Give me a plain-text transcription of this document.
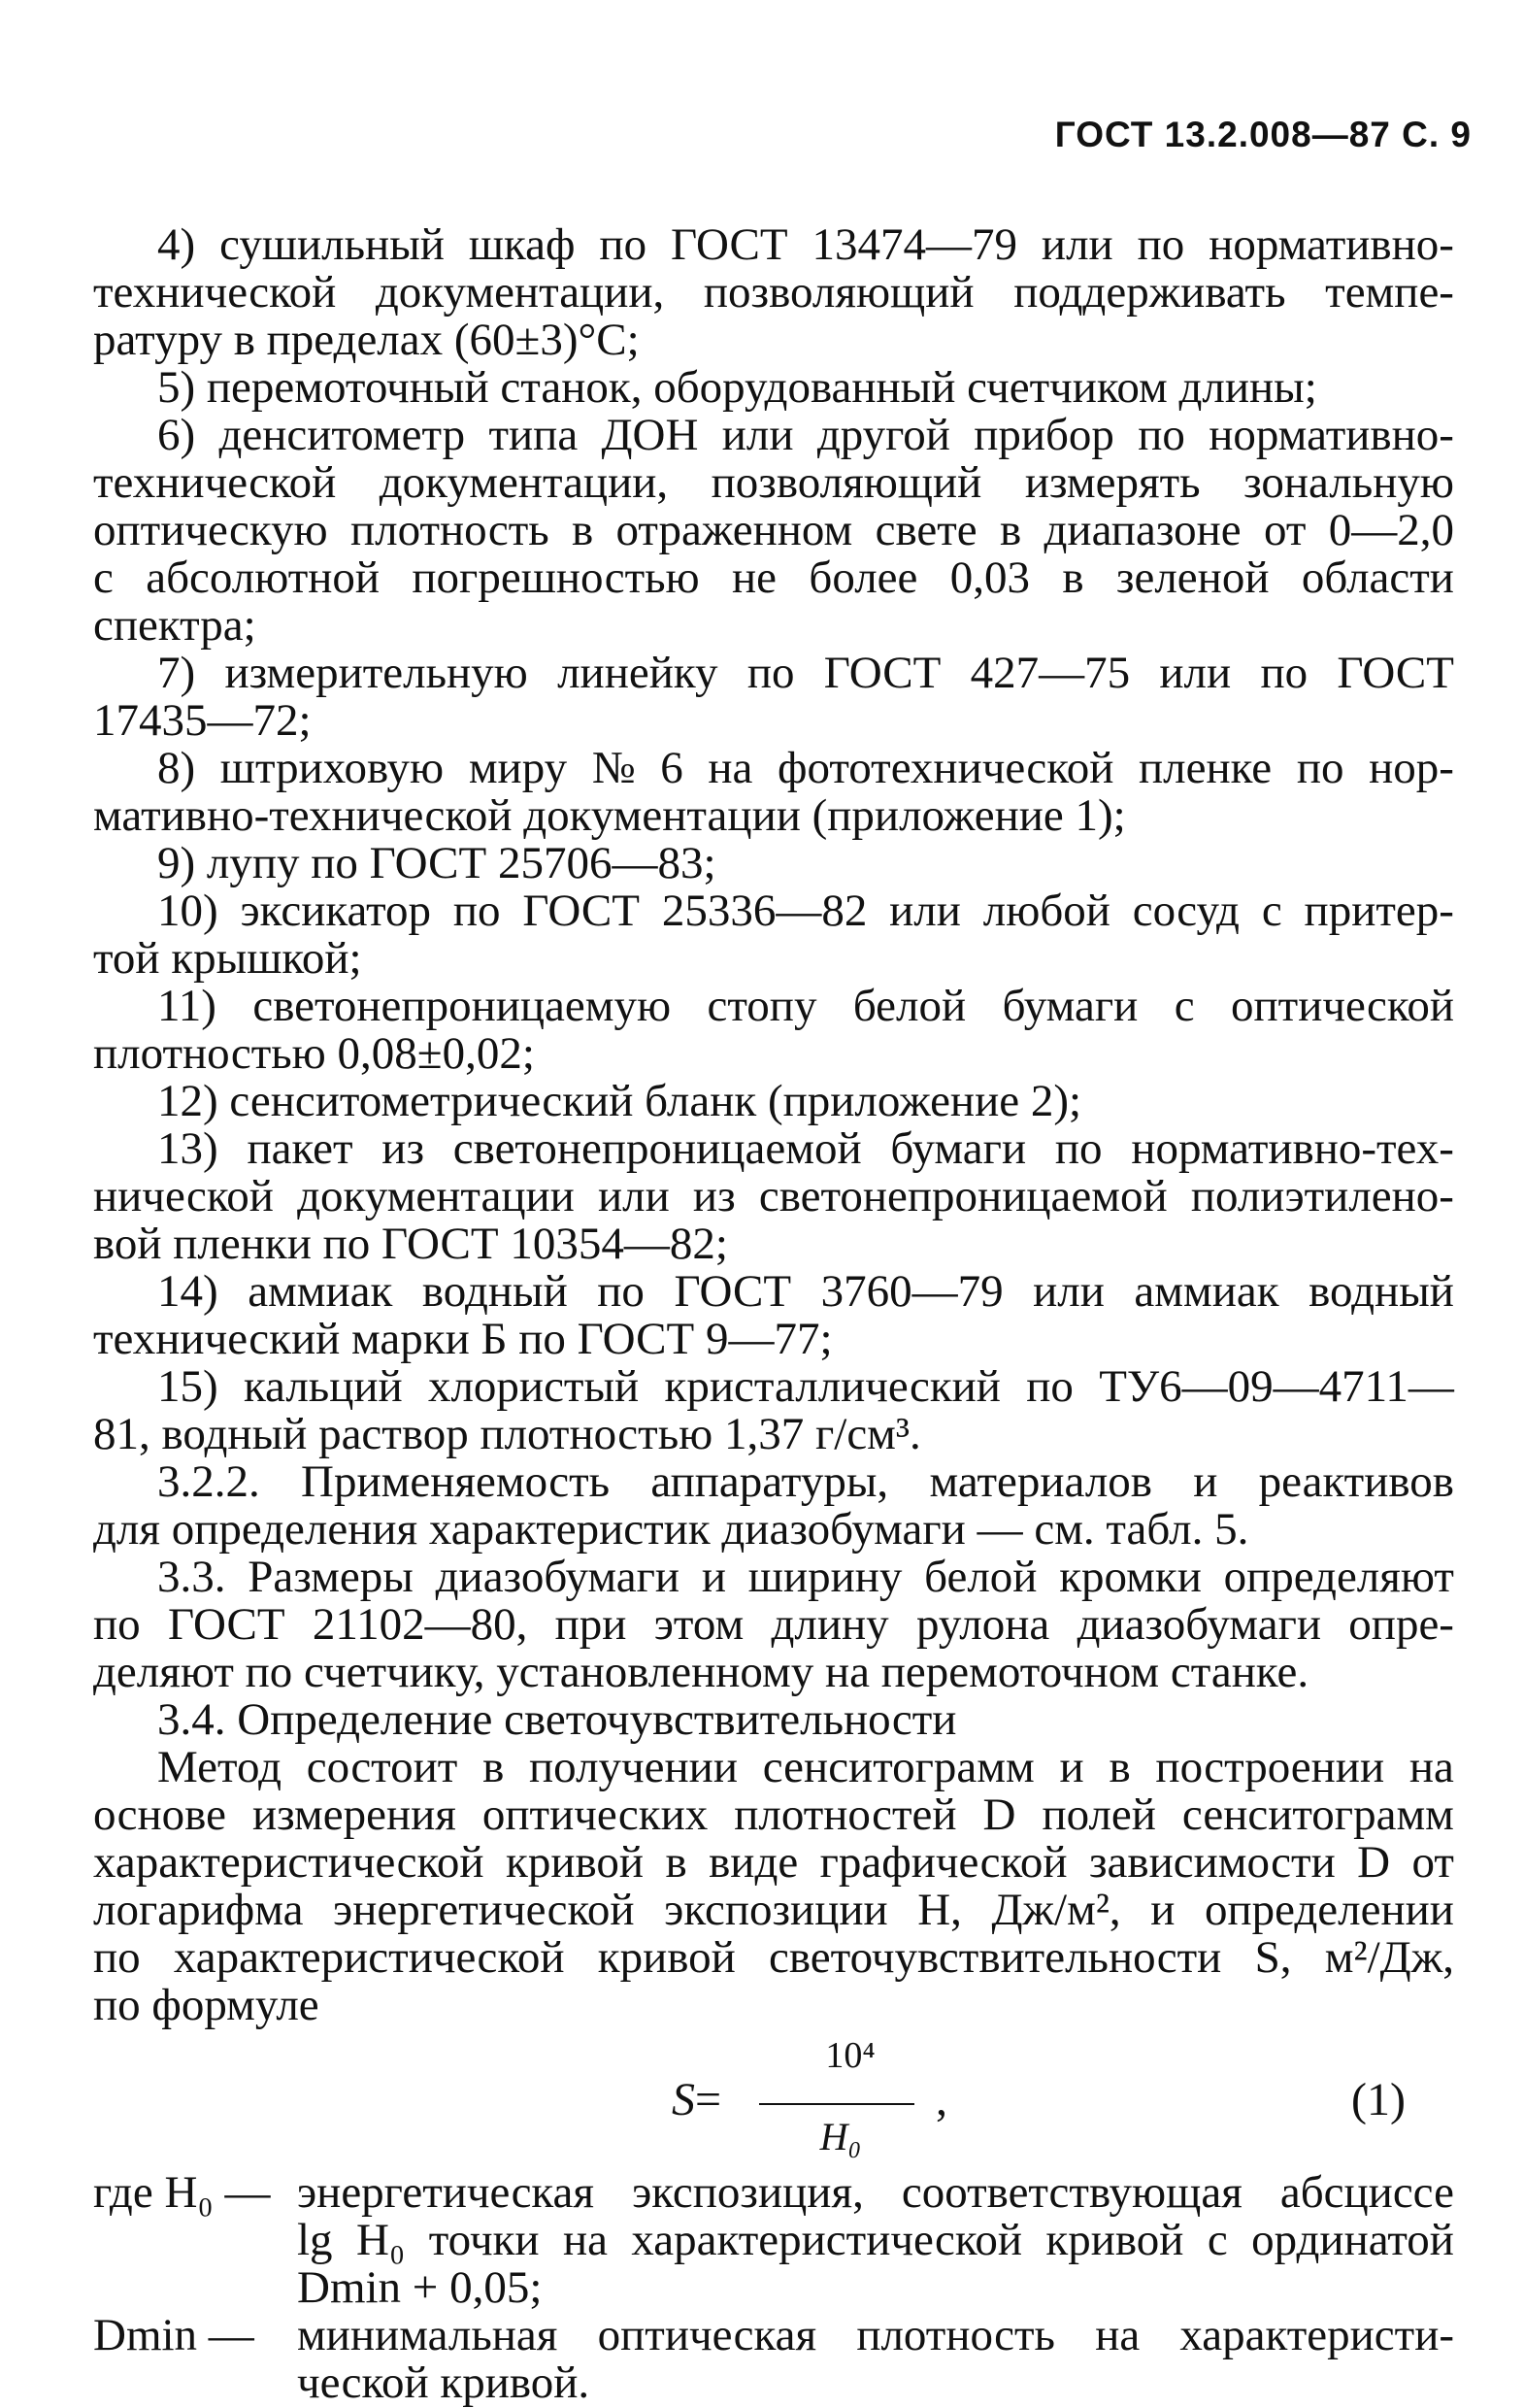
ГОСТ 13.2.008—87 С. 9
4) сушильный шкаф по ГОСТ 13474—79 или по нормативно-
технической документации, позволяющий поддерживать темпе-
ратуру в пределах (60±3)°С;
5) перемоточный станок, оборудованный счетчиком длины;
6) денситометр типа ДОН или другой прибор по нормативно-
технической документации, позволяющий измерять зональную
оптическую плотность в отраженном свете в диапазоне от 0—2,0
с абсолютной погрешностью не более 0,03 в зеленой области
спектра;
7) измерительную линейку по ГОСТ 427—75 или по ГОСТ
17435—72;
8) штриховую миру № 6 на фототехнической пленке по нор-
мативно-технической документации (приложение 1);
9) лупу по ГОСТ 25706—83;
10) эксикатор по ГОСТ 25336—82 или любой сосуд с притер-
той крышкой;
11) светонепроницаемую стопу белой бумаги с оптической
плотностью 0,08±0,02;
12) сенситометрический бланк (приложение 2);
13) пакет из светонепроницаемой бумаги по нормативно-тех-
нической документации или из светонепроницаемой полиэтилено-
вой пленки по ГОСТ 10354—82;
14) аммиак водный по ГОСТ 3760—79 или аммиак водный
технический марки Б по ГОСТ 9—77;
15) кальций хлористый кристаллический по ТУ6—09—4711—
81, водный раствор плотностью 1,37 г/см³.
3.2.2. Применяемость аппаратуры, материалов и реактивов
для определения характеристик диазобумаги — см. табл. 5.
3.3. Размеры диазобумаги и ширину белой кромки определяют
по ГОСТ 21102—80, при этом длину рулона диазобумаги опре-
деляют по счетчику, установленному на перемоточном станке.
3.4. Определение светочувствительности
Метод состоит в получении сенситограмм и в построении на
основе измерения оптических плотностей D полей сенситограмм
характеристической кривой в виде графической зависимости D от
логарифма энергетической экспозиции H, Дж/м², и определении
по характеристической кривой светочувствительности S, м²/Дж,
по формуле
S=
10⁴
H₀
,	(1)
где H₀ — энергетическая экспозиция, соответствующая абсциссе
lg H₀ точки на характеристической кривой с ординатой
Dmin + 0,05;
Dmin — минимальная оптическая плотность на характеристи-
ческой кривой.
